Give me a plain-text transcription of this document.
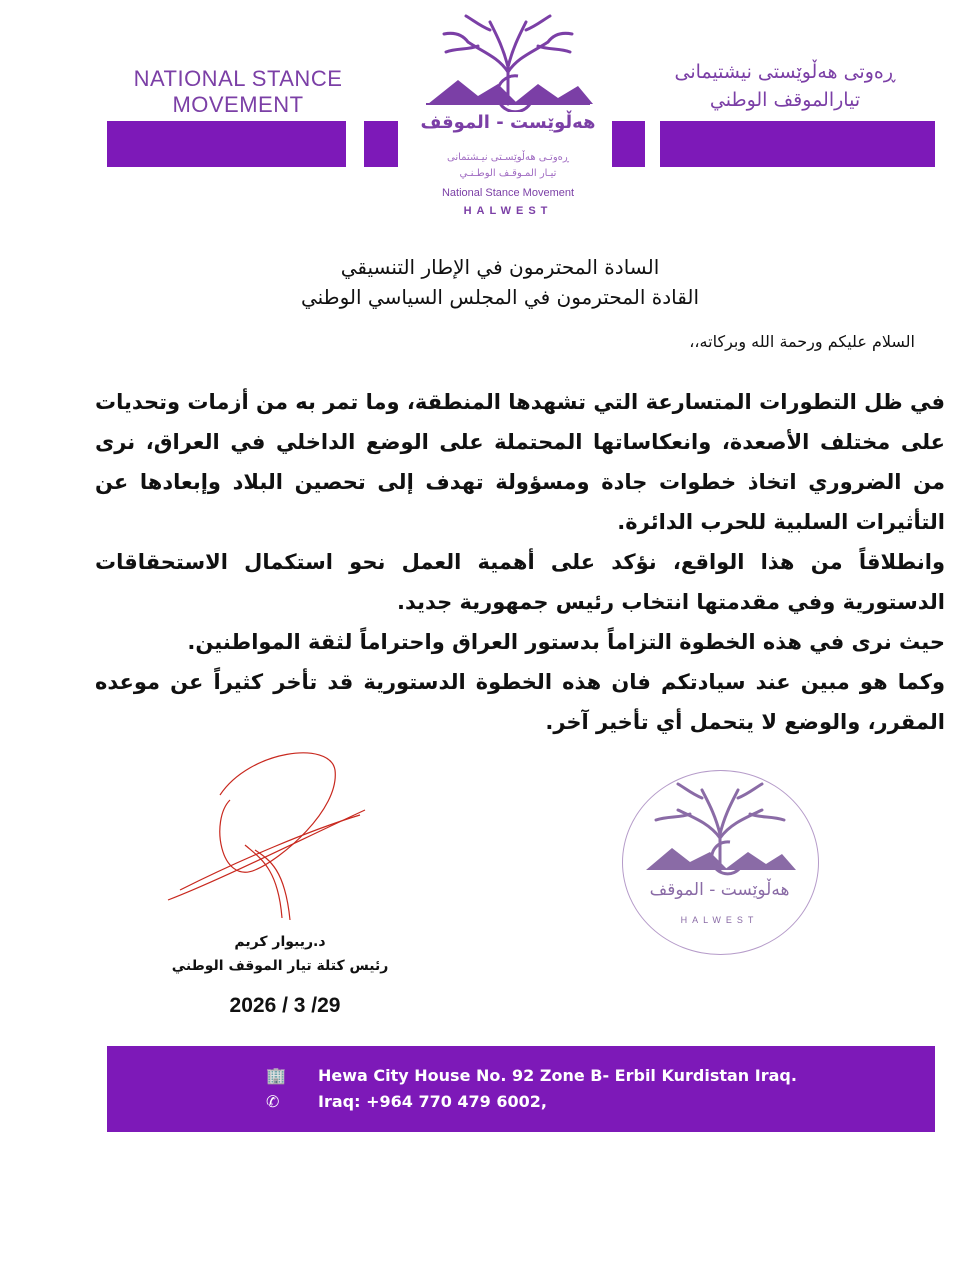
NATIONAL STANCE
MOVEMENT
ڕەوتی هەڵوێستی نیشتیمانی
تيارالموقف الوطني
هەڵوێست - الموقف
ڕەوتـی هەڵوێسـتی نیـشتمانی
تيـار المـوقـف الوطـنـي
National Stance Movement
HALWEST
السادة المحترمون في الإطار التنسيقي
القادة المحترمون في المجلس السياسي الوطني
السلام عليكم ورحمة الله وبركاته،،

في ظل التطورات المتسارعة التي تشهدها المنطقة، وما تمر به من أزمات وتحديات على مختلف الأصعدة، وانعكاساتها المحتملة على الوضع الداخلي في العراق، نرى من الضروري اتخاذ خطوات جادة ومسؤولة تهدف إلى تحصين البلاد وإبعادها عن التأثيرات السلبية للحرب الدائرة.

وانطلاقاً من هذا الواقع، نؤكد على أهمية العمل نحو استكمال الاستحقاقات الدستورية وفي مقدمتها انتخاب رئيس جمهورية جديد.

حيث نرى في هذه الخطوة التزاماً بدستور العراق واحتراماً لثقة المواطنين.

وكما هو مبين عند سيادتكم فان هذه الخطوة الدستورية قد تأخر كثيراً عن موعده المقرر، والوضع لا يتحمل أي تأخير آخر.

د.ريبوار كريم
رئيس كتلة تيار الموقف الوطني
2026 / 3 /29
هەڵوێست - الموقف
HALWEST
🏢
✆
Hewa City House No. 92 Zone B- Erbil Kurdistan Iraq.
Iraq: +964 770 479 6002,
